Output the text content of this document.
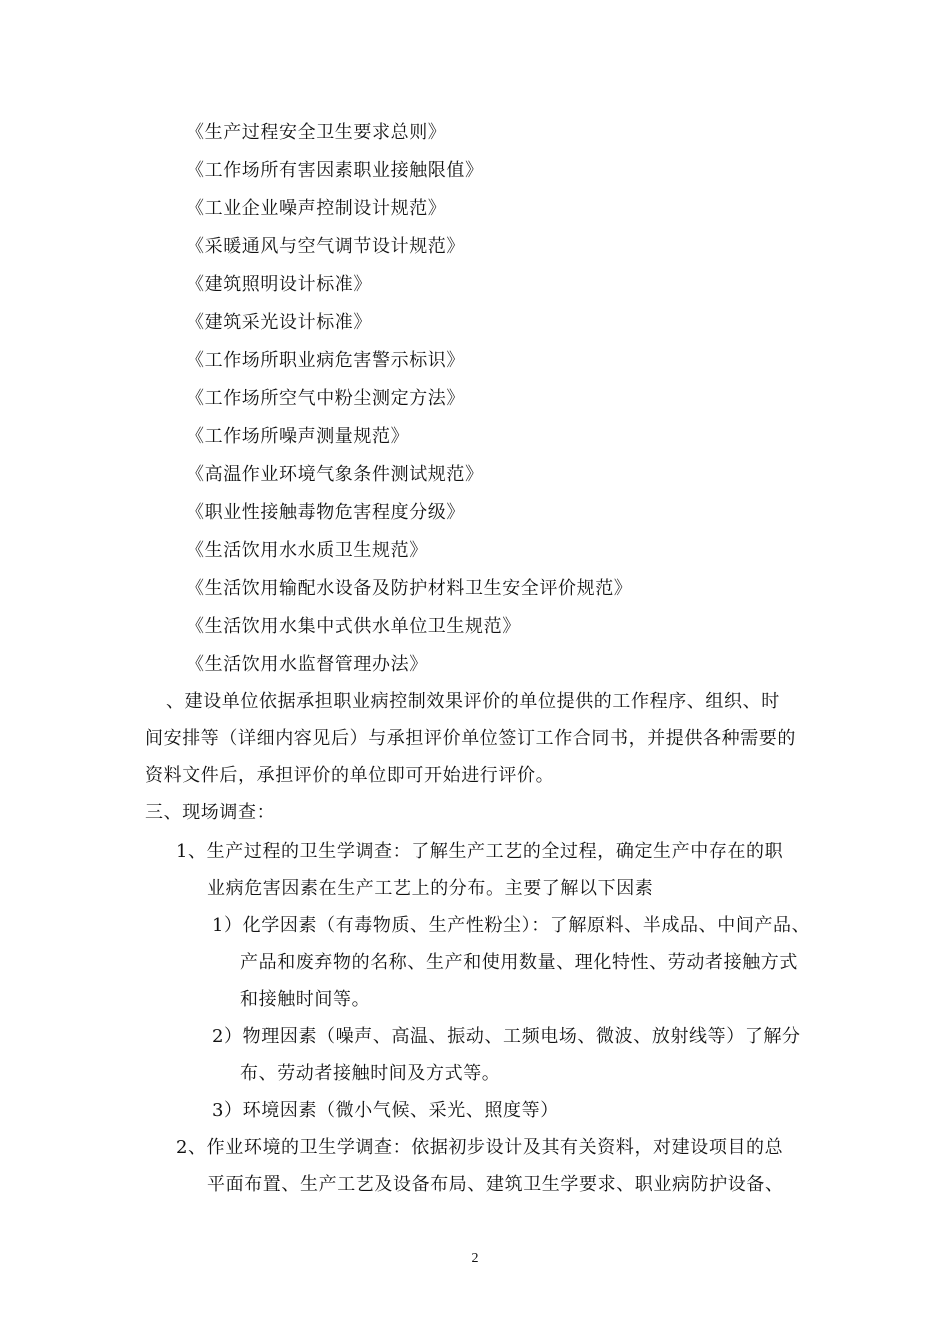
《生产过程安全卫生要求总则》
《工作场所有害因素职业接触限值》
《工业企业噪声控制设计规范》
《采暖通风与空气调节设计规范》
《建筑照明设计标准》
《建筑采光设计标准》
《工作场所职业病危害警示标识》
《工作场所空气中粉尘测定方法》
《工作场所噪声测量规范》
《高温作业环境气象条件测试规范》
《职业性接触毒物危害程度分级》
《生活饮用水水质卫生规范》
《生活饮用输配水设备及防护材料卫生安全评价规范》
《生活饮用水集中式供水单位卫生规范》
《生活饮用水监督管理办法》
、建设单位依据承担职业病控制效果评价的单位提供的工作程序、组织、时
间安排等（详细内容见后）与承担评价单位签订工作合同书，并提供各种需要的
资料文件后，承担评价的单位即可开始进行评价。
三、现场调查：
1、生产过程的卫生学调查：了解生产工艺的全过程，确定生产中存在的职
业病危害因素在生产工艺上的分布。主要了解以下因素
1）化学因素（有毒物质、生产性粉尘）：了解原料、半成品、中间产品、
产品和废弃物的名称、生产和使用数量、理化特性、劳动者接触方式
和接触时间等。
2）物理因素（噪声、高温、振动、工频电场、微波、放射线等）了解分
布、劳动者接触时间及方式等。
3）环境因素（微小气候、采光、照度等）
2、作业环境的卫生学调查：依据初步设计及其有关资料，对建设项目的总
平面布置、生产工艺及设备布局、建筑卫生学要求、职业病防护设备、
2
